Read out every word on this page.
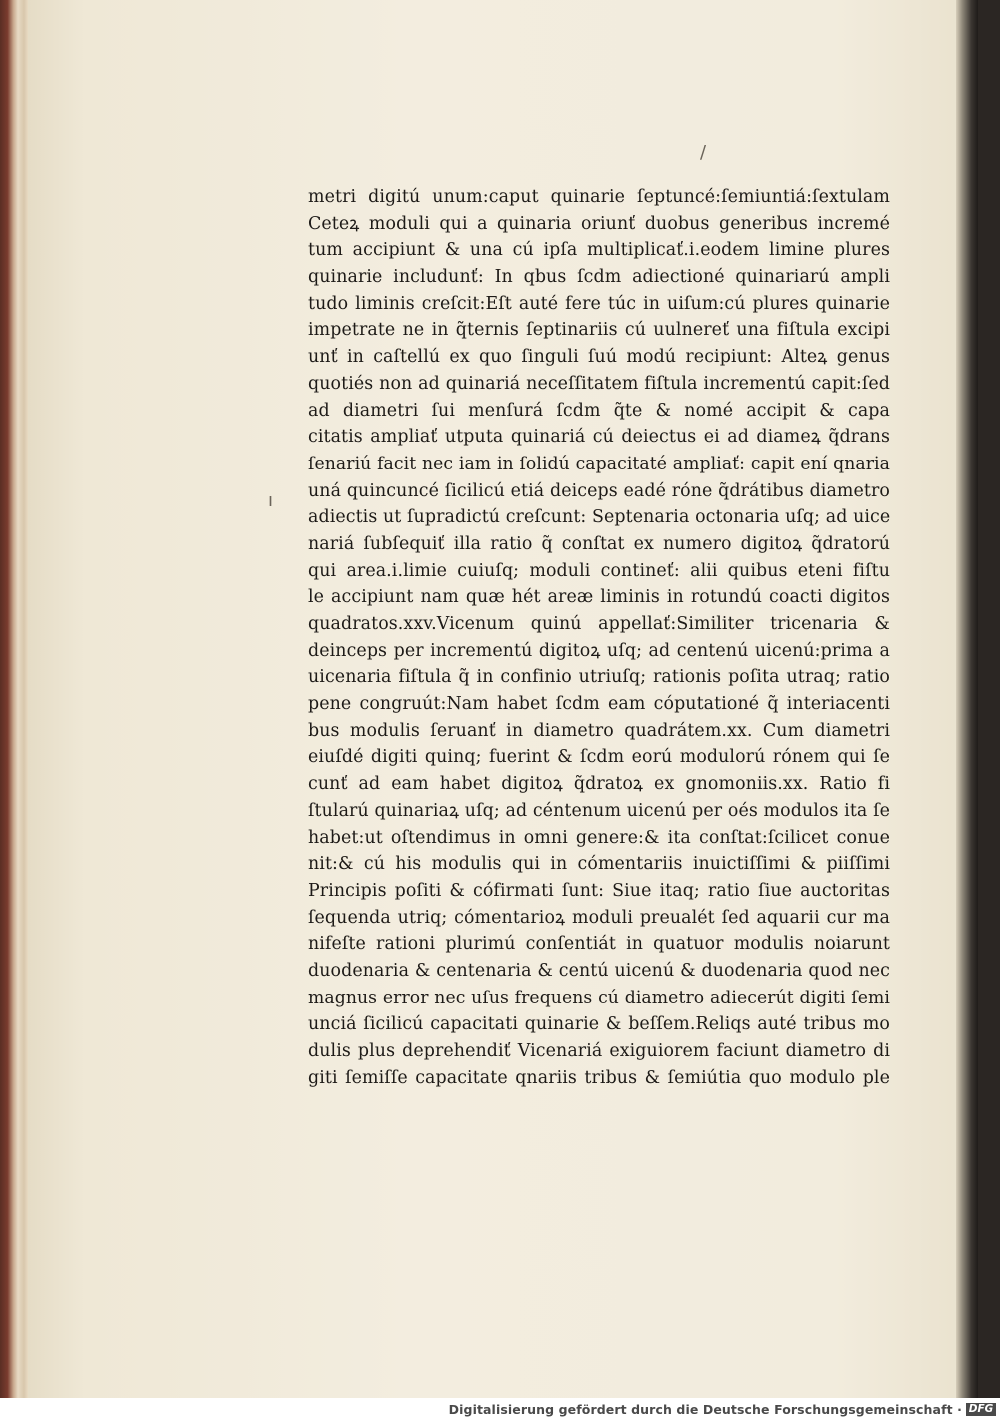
/
ı
metri digitú unum:caput quinarie ſeptuncé:ſemiuntiá:ſextulam
Ceteꝝ moduli qui a quinaria oriunť duobus generibus incremé
tum accipiunt & una cú ipſa multiplicať.i.eodem limine plures
quinarie includunť: In qbus ſcdm adiectioné quinariarú ampli
tudo liminis creſcit:Eſt auté fere túc in uiſum:cú plures quinarie
impetrate ne in q̃ternis ſeptinariis cú uulnereť una fiſtula excipi
unť in caſtellú ex quo ſinguli ſuú modú recipiunt: Alteꝝ genus
quotiés non ad quinariá neceſſitatem fiſtula incrementú capit:ſed
ad diametri ſui menſurá ſcdm q̃te & nomé accipit & capa
citatis ampliať utputa quinariá cú deiectus ei ad diameꝝ q̃drans
ſenariú facit nec iam in ſolidú capacitaté ampliať: capit ení qnaria
uná quincuncé ſicilicú etiá deiceps eadé róne q̃drátibus diametro
adiectis ut ſupradictú creſcunt: Septenaria octonaria uſq; ad uice
nariá ſubſequiť illa ratio q̃ conſtat ex numero digitoꝝ q̃dratorú
qui area.i.limie cuiuſq; moduli contineť: alii quibus eteni fiſtu
le accipiunt nam quæ hét areæ liminis in rotundú coacti digitos
quadratos.xxv.Vicenum quinú appellať:Similiter tricenaria &
deinceps per incrementú digitoꝝ uſq; ad centenú uicenú:prima a
uicenaria fiſtula q̃ in confinio utriuſq; rationis poſita utraq; ratio
pene congruút:Nam habet ſcdm eam cóputationé q̃ interiacenti
bus modulis ſeruanť in diametro quadrátem.xx. Cum diametri
eiuſdé digiti quinq; fuerint & ſcdm eorú modulorú rónem qui ſe
cunť ad eam habet digitoꝝ q̃dratoꝝ ex gnomoniis.xx. Ratio fi
ſtularú quinariaꝝ uſq; ad céntenum uicenú per oés modulos ita ſe
habet:ut oſtendimus in omni genere:& ita conſtat:ſcilicet conue
nit:& cú his modulis qui in cómentariis inuictiſſimi & piiſſimi
Principis poſiti & cófirmati ſunt: Siue itaq; ratio ſiue auctoritas
ſequenda utriq; cómentarioꝝ moduli preualét ſed aquarii cur ma
nifeſte rationi plurimú conſentiát in quatuor modulis noiarunt
duodenaria & centenaria & centú uicenú & duodenaria quod nec
magnus error nec uſus frequens cú diametro adiecerút digiti ſemi
unciá ſicilicú capacitati quinarie & beſſem.Reliqs auté tribus mo
dulis plus deprehendiť Vicenariá exiguiorem faciunt diametro di
giti ſemiſſe capacitate qnariis tribus & ſemiútia quo modulo ple
Digitalisierung gefördert durch die Deutsche Forschungsgemeinschaft · DFG
